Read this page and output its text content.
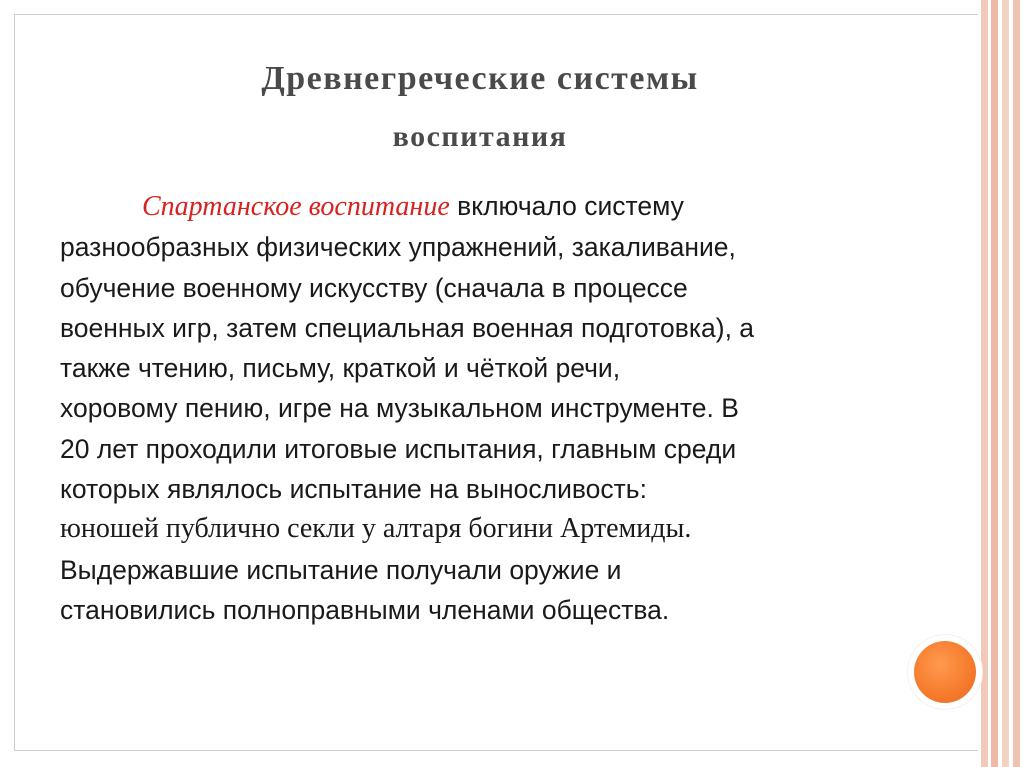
Древнегреческие системы
воспитания
Спартанское воспитание включало систему
разнообразных физических упражнений, закаливание,
обучение военному искусству (сначала в процессе
военных игр, затем специальная военная подготовка), а
также чтению, письму, краткой и чёткой речи,
хоровому пению, игре на музыкальном инструменте. В
20 лет проходили итоговые испытания, главным среди
которых являлось испытание на выносливость:
юношей публично секли у алтаря богини Артемиды.
Выдержавшие испытание получали оружие и
становились полноправными членами общества.
